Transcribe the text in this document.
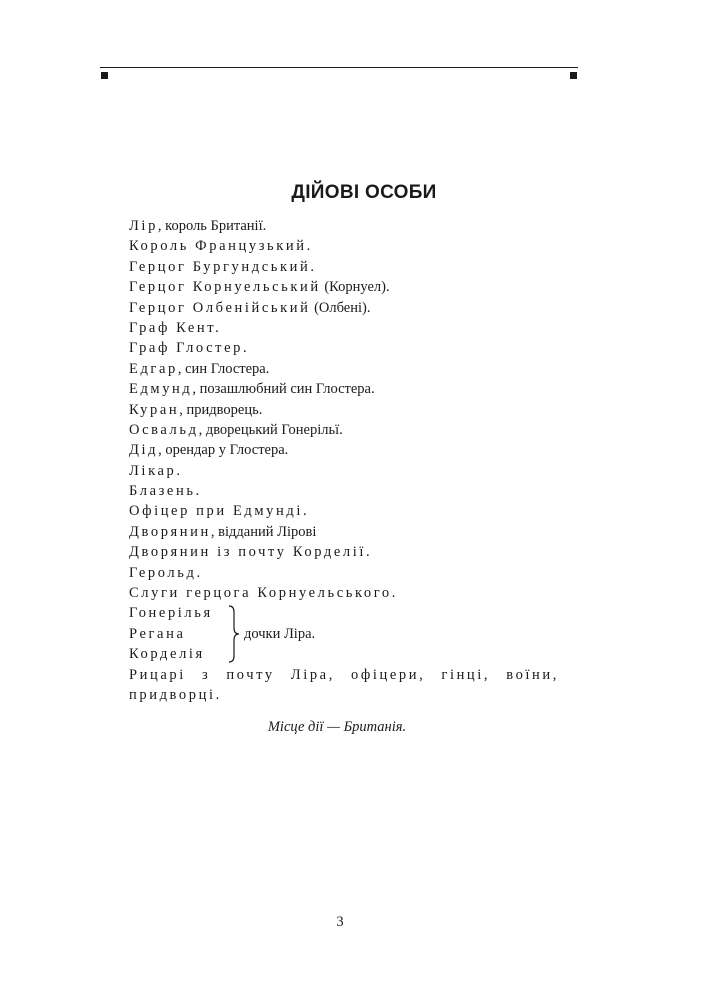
ДІЙОВІ ОСОБИ
Лір, король Британії.
Король Французький.
Герцог Бургундський.
Герцог Корнуельський (Корнуел).
Герцог Олбенійський (Олбені).
Граф Кент.
Граф Глостер.
Едгар, син Глостера.
Едмунд, позашлюбний син Глостера.
Куран, придворець.
Освальд, дворецький Гонерільї.
Дід, орендар у Глостера.
Лікар.
Блазень.
Офіцер при Едмунді.
Дворянин, відданий Лірові
Дворянин із почту Корделії.
Герольд.
Слуги герцога Корнуельського.
Гонерілья
Регана
Корделія
дочки Ліра.
Рицарі з почту Ліра, офіцери, гінці, воїни, придворці.
Місце дії — Британія.
3
